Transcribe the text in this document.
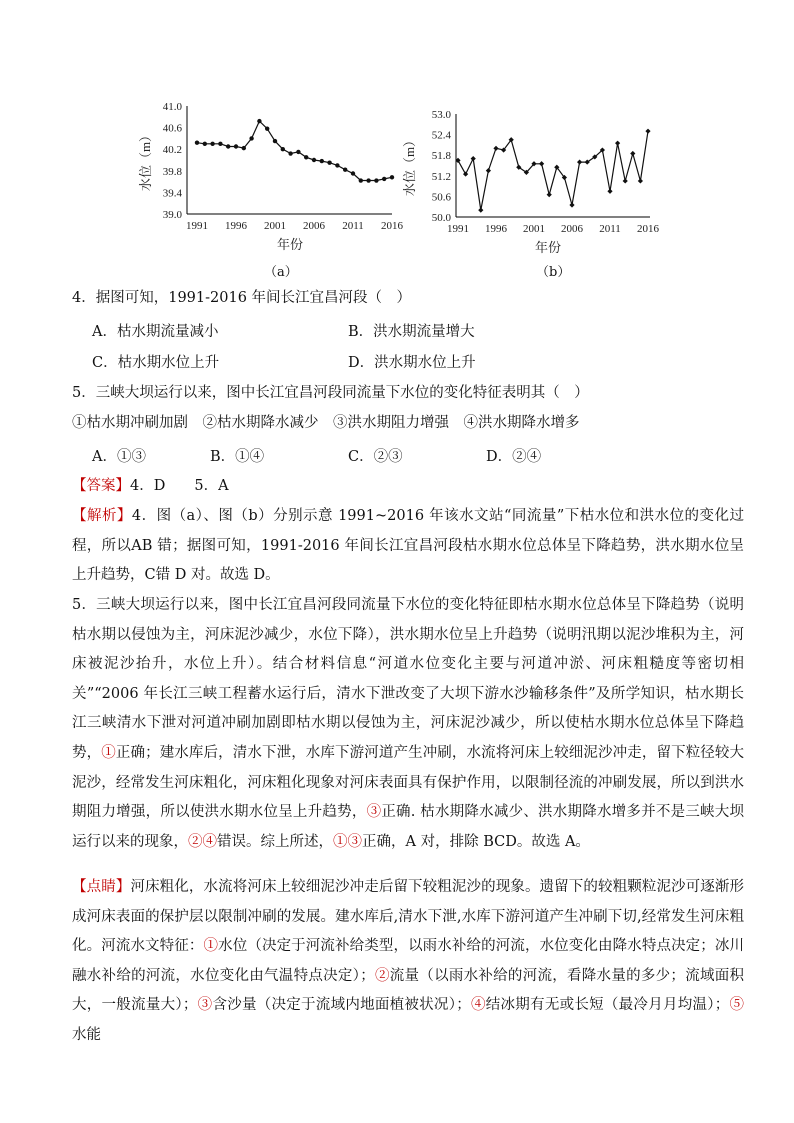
41.0
40.6
40.2
39.8
39.4
39.0
水位（m）
1991 1996 2001 2006 2011 2016
年份
（a）
53.0
52.4
51.8
51.2
50.6
50.0
水位（m）
1991 1996 2001 2006 2011 2016
年份
（b）
4．据图可知，1991-2016 年间长江宜昌河段（　）
A．枯水期流量减小	B．洪水期流量增大
C．枯水期水位上升	D．洪水期水位上升
5．三峡大坝运行以来，图中长江宜昌河段同流量下水位的变化特征表明其（　）
①枯水期冲刷加剧　②枯水期降水减少　③洪水期阻力增强　④洪水期降水增多
A．①③	B．①④	C．②③	D．②④
【答案】4．D　　5．A
【解析】4．图（a）、图（b）分别示意 1991~2016 年该水文站“同流量”下枯水位和洪水位的变化过程，所以AB 错；据图可知，1991-2016 年间长江宜昌河段枯水期水位总体呈下降趋势，洪水期水位呈上升趋势，C错 D 对。故选 D。
5．三峡大坝运行以来，图中长江宜昌河段同流量下水位的变化特征即枯水期水位总体呈下降趋势（说明枯水期以侵蚀为主，河床泥沙减少，水位下降），洪水期水位呈上升趋势（说明汛期以泥沙堆积为主，河床被泥沙抬升，水位上升）。结合材料信息“河道水位变化主要与河道冲淤、河床粗糙度等密切相关”“2006 年长江三峡工程蓄水运行后，清水下泄改变了大坝下游水沙输移条件”及所学知识，枯水期长江三峡清水下泄对河道冲刷加剧即枯水期以侵蚀为主，河床泥沙减少，所以使枯水期水位总体呈下降趋势，①正确；建水库后，清水下泄，水库下游河道产生冲刷，水流将河床上较细泥沙冲走，留下粒径较大泥沙，经常发生河床粗化，河床粗化现象对河床表面具有保护作用，以限制径流的冲刷发展，所以到洪水期阻力增强，所以使洪水期水位呈上升趋势，③正确. 枯水期降水减少、洪水期降水增多并不是三峡大坝运行以来的现象，②④错误。综上所述，①③正确，A 对，排除 BCD。故选 A。
【点睛】河床粗化，水流将河床上较细泥沙冲走后留下较粗泥沙的现象。遗留下的较粗颗粒泥沙可逐渐形成河床表面的保护层以限制冲刷的发展。建水库后,清水下泄,水库下游河道产生冲刷下切,经常发生河床粗化。河流水文特征：①水位（决定于河流补给类型，以雨水补给的河流，水位变化由降水特点决定；冰川融水补给的河流，水位变化由气温特点决定）；②流量（以雨水补给的河流，看降水量的多少；流域面积大，一般流量大）；③含沙量（决定于流域内地面植被状况）；④结冰期有无或长短（最冷月月均温）；⑤水能
